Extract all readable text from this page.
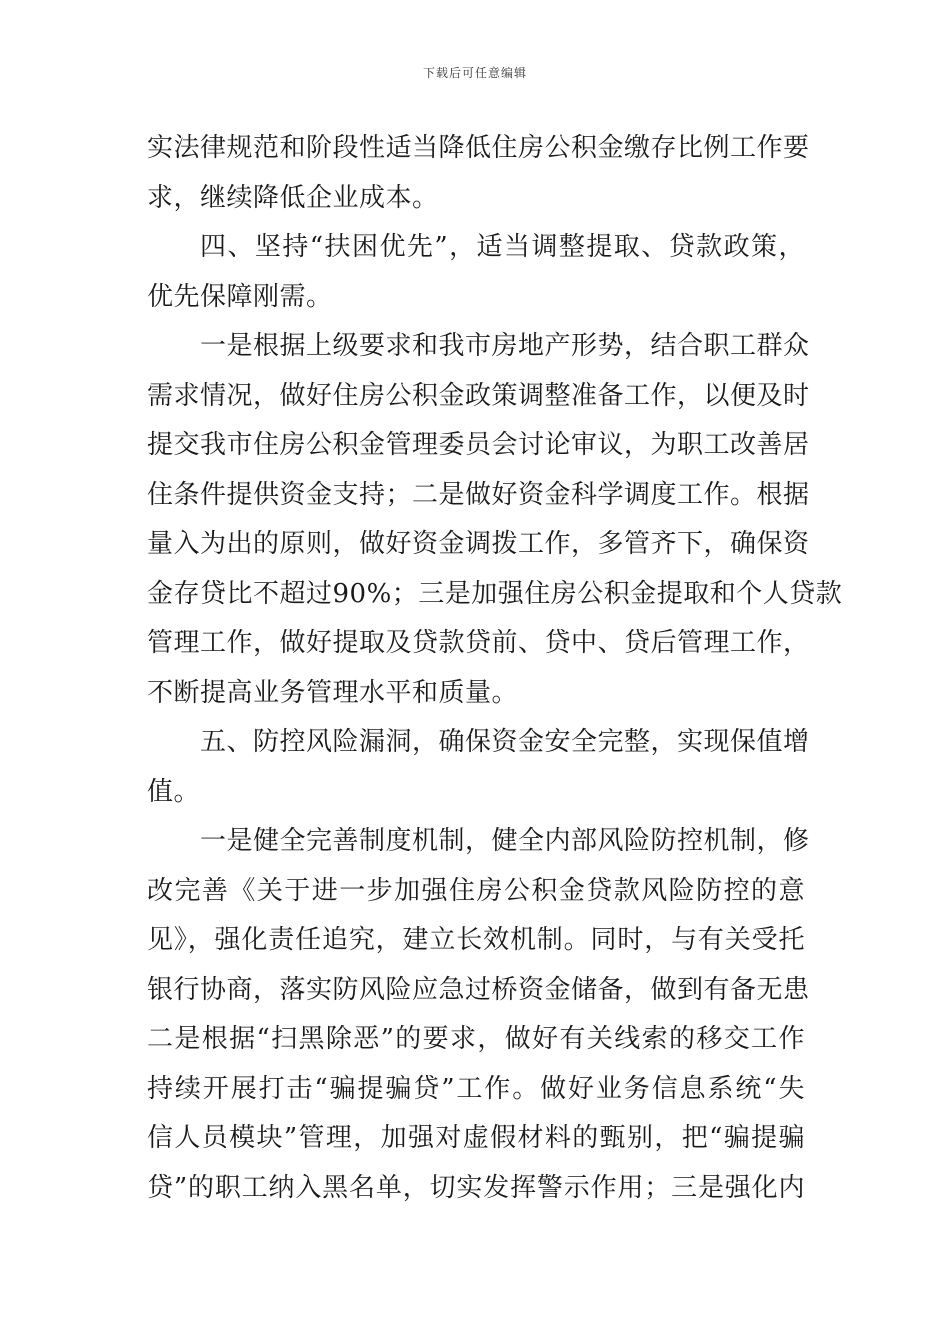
下载后可任意编辑
实法律规范和阶段性适当降低住房公积金缴存比例工作要
求，继续降低企业成本。
四、坚持“扶困优先”，适当调整提取、贷款政策，
优先保障刚需。
一是根据上级要求和我市房地产形势，结合职工群众
需求情况，做好住房公积金政策调整准备工作，以便及时
提交我市住房公积金管理委员会讨论审议，为职工改善居
住条件提供资金支持；二是做好资金科学调度工作。根据
量入为出的原则，做好资金调拨工作，多管齐下，确保资
金存贷比不超过90%；三是加强住房公积金提取和个人贷款
管理工作，做好提取及贷款贷前、贷中、贷后管理工作，
不断提高业务管理水平和质量。
五、防控风险漏洞，确保资金安全完整，实现保值增
值。
一是健全完善制度机制，健全内部风险防控机制，修
改完善《关于进一步加强住房公积金贷款风险防控的意
见》，强化责任追究，建立长效机制。同时，与有关受托
银行协商，落实防风险应急过桥资金储备，做到有备无患
二是根据“扫黑除恶”的要求，做好有关线索的移交工作
持续开展打击“骗提骗贷”工作。做好业务信息系统“失
信人员模块”管理，加强对虚假材料的甄别，把“骗提骗
贷”的职工纳入黑名单，切实发挥警示作用；三是强化内
